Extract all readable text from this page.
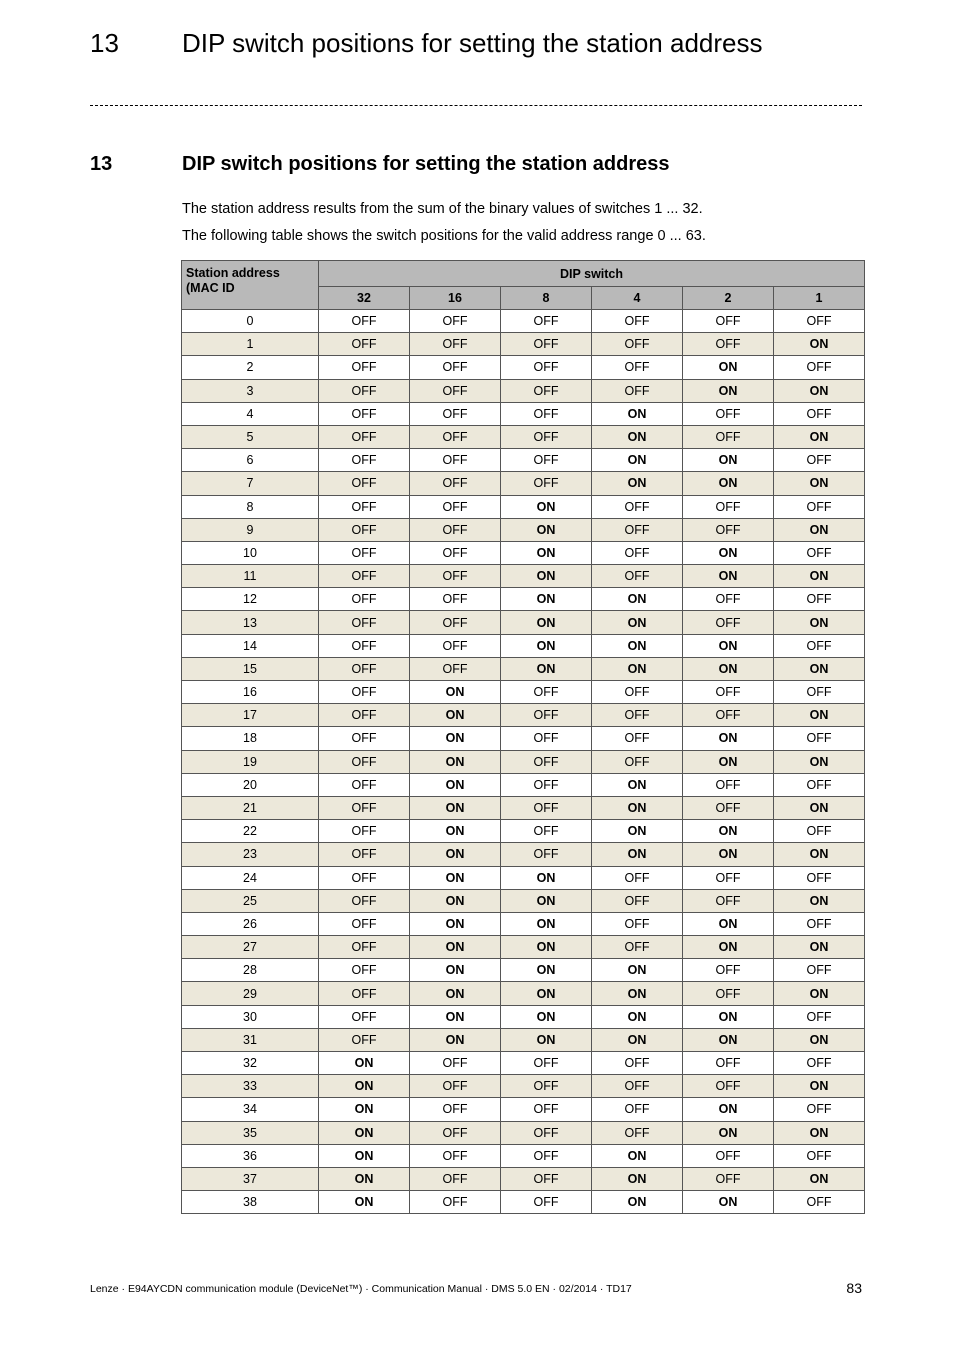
13 DIP switch positions for setting the station address
13	DIP switch positions for setting the station address
The station address results from the sum of the binary values of switches 1 ... 32.
The following table shows the switch positions for the valid address range 0 ... 63.
Station address (MAC ID	DIP switch					
	32	16	8	4	2	1
0	OFF	OFF	OFF	OFF	OFF	OFF
1	OFF	OFF	OFF	OFF	OFF	ON
2	OFF	OFF	OFF	OFF	ON	OFF
3	OFF	OFF	OFF	OFF	ON	ON
4	OFF	OFF	OFF	ON	OFF	OFF
5	OFF	OFF	OFF	ON	OFF	ON
6	OFF	OFF	OFF	ON	ON	OFF
7	OFF	OFF	OFF	ON	ON	ON
8	OFF	OFF	ON	OFF	OFF	OFF
9	OFF	OFF	ON	OFF	OFF	ON
10	OFF	OFF	ON	OFF	ON	OFF
11	OFF	OFF	ON	OFF	ON	ON
12	OFF	OFF	ON	ON	OFF	OFF
13	OFF	OFF	ON	ON	OFF	ON
14	OFF	OFF	ON	ON	ON	OFF
15	OFF	OFF	ON	ON	ON	ON
16	OFF	ON	OFF	OFF	OFF	OFF
17	OFF	ON	OFF	OFF	OFF	ON
18	OFF	ON	OFF	OFF	ON	OFF
19	OFF	ON	OFF	OFF	ON	ON
20	OFF	ON	OFF	ON	OFF	OFF
21	OFF	ON	OFF	ON	OFF	ON
22	OFF	ON	OFF	ON	ON	OFF
23	OFF	ON	OFF	ON	ON	ON
24	OFF	ON	ON	OFF	OFF	OFF
25	OFF	ON	ON	OFF	OFF	ON
26	OFF	ON	ON	OFF	ON	OFF
27	OFF	ON	ON	OFF	ON	ON
28	OFF	ON	ON	ON	OFF	OFF
29	OFF	ON	ON	ON	OFF	ON
30	OFF	ON	ON	ON	ON	OFF
31	OFF	ON	ON	ON	ON	ON
32	ON	OFF	OFF	OFF	OFF	OFF
33	ON	OFF	OFF	OFF	OFF	ON
34	ON	OFF	OFF	OFF	ON	OFF
35	ON	OFF	OFF	OFF	ON	ON
36	ON	OFF	OFF	ON	OFF	OFF
37	ON	OFF	OFF	ON	OFF	ON
38	ON	OFF	OFF	ON	ON	OFF
Lenze · E94AYCDN communication module (DeviceNet™) · Communication Manual · DMS 5.0 EN · 02/2014 · TD17	83
